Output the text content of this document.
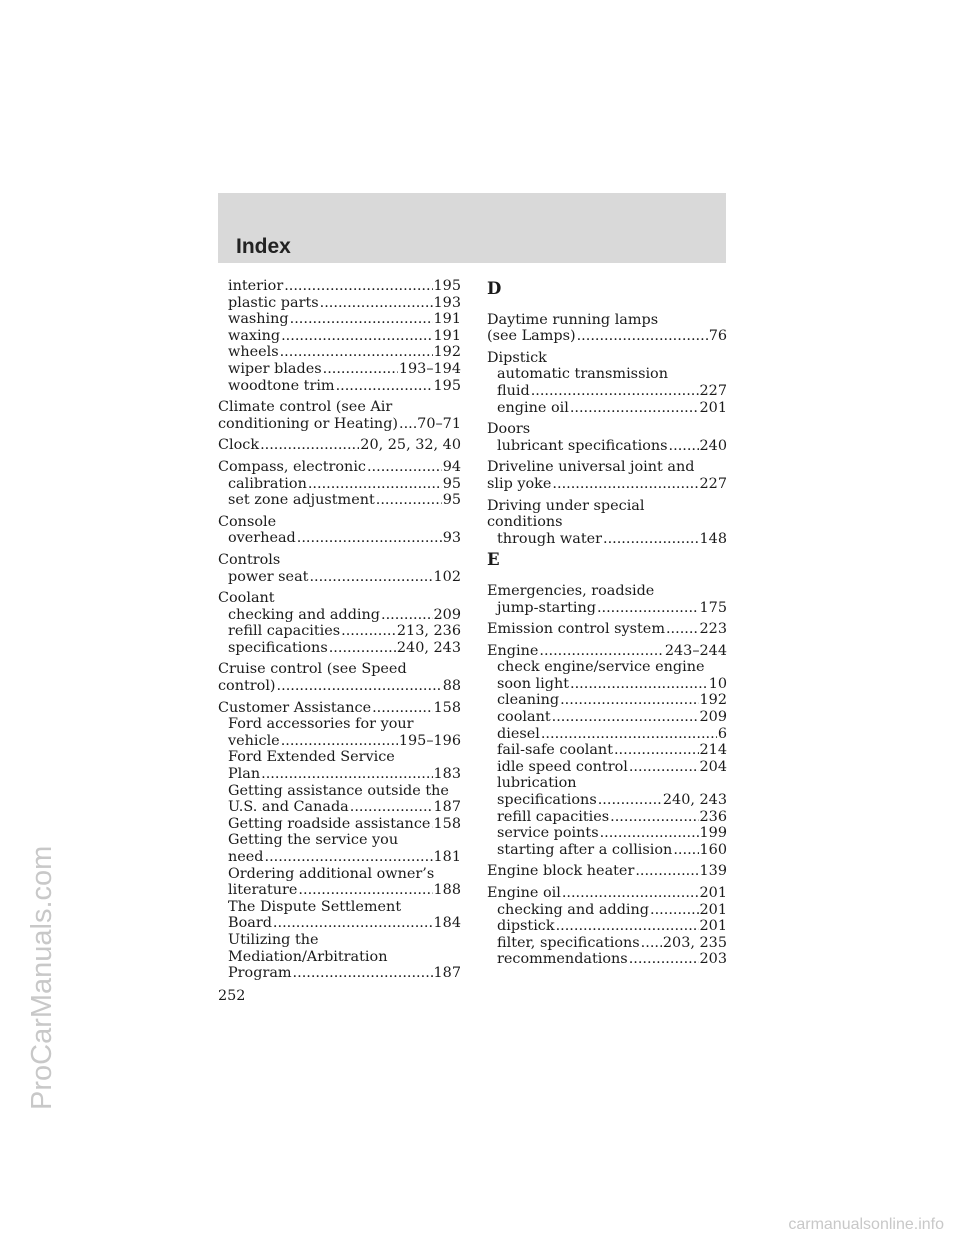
Index
interior .....	195
plastic parts .....	193
washing .....	191
waxing .....	191
wheels .....	192
wiper blades .....	193–194
woodtone trim .....	195
Climate control (see Air
conditioning or Heating) ..... 70–71
Clock .....	20, 25, 32, 40
Compass, electronic .....	94
calibration .....	95
set zone adjustment .....	95
Console
overhead .....	93
Controls
power seat .....	102
Coolant
checking and adding .....	209
refill capacities .....	213, 236
specifications .....	240, 243
Cruise control (see Speed
control) .....	88
Customer Assistance .....	158
Ford accessories for your
vehicle .....	195–196
Ford Extended Service
Plan .....	183
Getting assistance outside the
U.S. and Canada .....	187
Getting roadside assistance ..... 158
Getting the service you
need .....	181
Ordering additional owner’s
literature .....	188
The Dispute Settlement
Board .....	184
Utilizing the
Mediation/Arbitration
Program .....	187
D
Daytime running lamps
(see Lamps) .....	76
Dipstick
automatic transmission
fluid .....	227
engine oil .....	201
Doors
lubricant specifications ..... 240
Driveline universal joint and
slip yoke .....	227
Driving under special
conditions
through water .....	148
E
Emergencies, roadside
jump-starting .....	175
Emission control system ..... 223
Engine .....	243–244
check engine/service engine
soon light .....	10
cleaning .....	192
coolant .....	209
diesel .....	6
fail-safe coolant .....	214
idle speed control .....	204
lubrication
specifications .....	240, 243
refill capacities .....	236
service points .....	199
starting after a collision ..... 160
Engine block heater .....	139
Engine oil .....	201
checking and adding .....	201
dipstick .....	201
filter, specifications ..... 203, 235
recommendations .....	203
252
ProCarManuals.com
carmanualsonline.info
